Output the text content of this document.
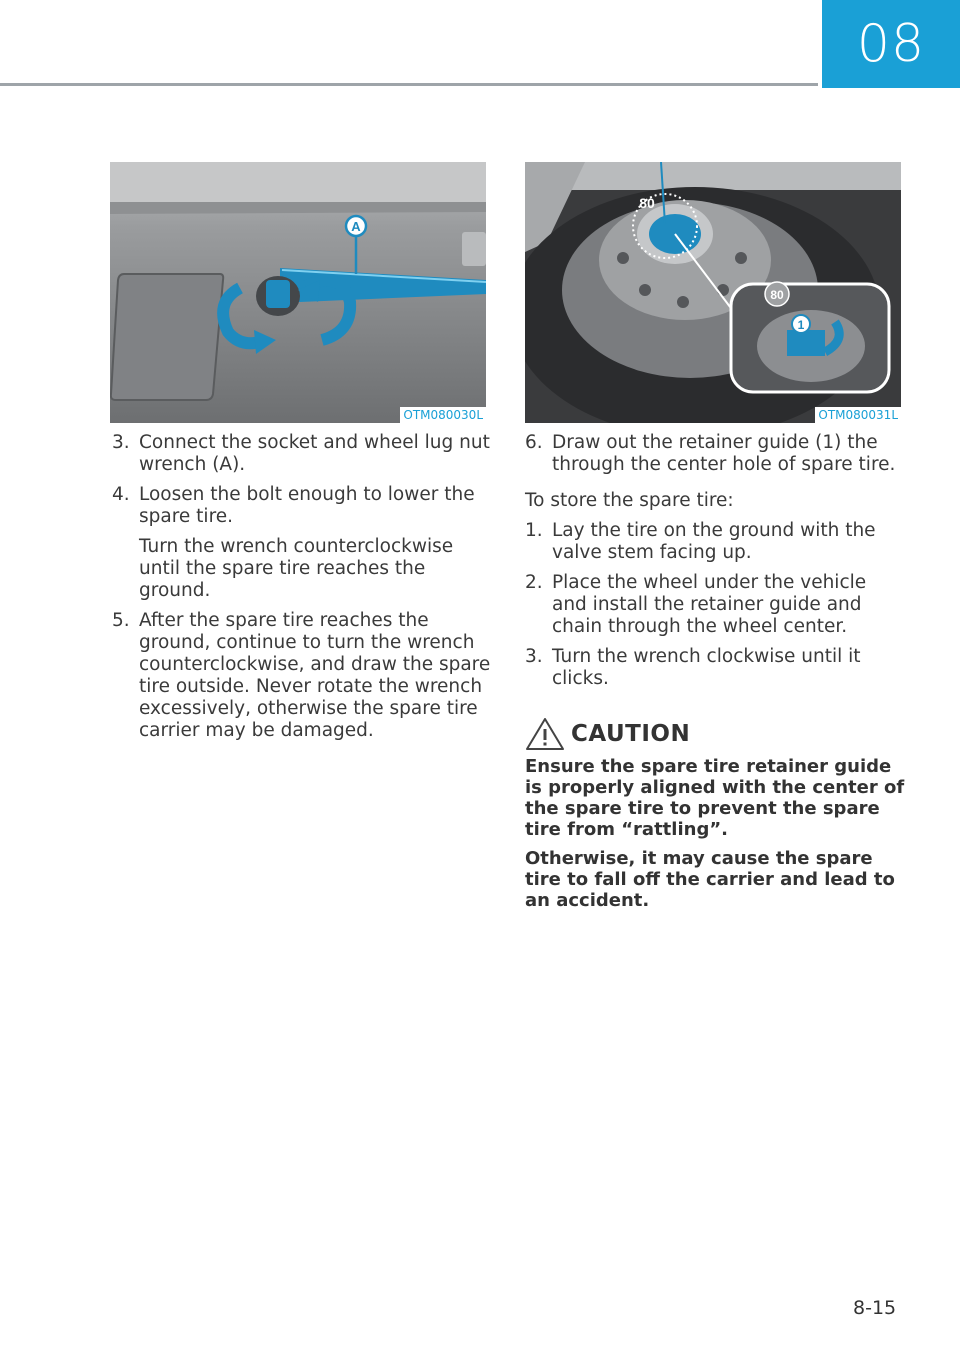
08
A
OTM080030L
80
80
1
OTM080031L
3. Connect the socket and wheel lug nut wrench (A).

4. Loosen the bolt enough to lower the spare tire.

Turn the wrench counterclockwise until the spare tire reaches the ground.

5. After the spare tire reaches the ground, continue to turn the wrench counterclockwise, and draw the spare tire outside. Never rotate the wrench excessively, otherwise the spare tire carrier may be damaged.

6. Draw out the retainer guide (1) the through the center hole of spare tire.

To store the spare tire:

1. Lay the tire on the ground with the valve stem facing up.

2. Place the wheel under the vehicle and install the retainer guide and chain through the wheel center.

3. Turn the wrench clockwise until it clicks.

CAUTION

Ensure the spare tire retainer guide is properly aligned with the center of the spare tire to prevent the spare tire from “rattling”.

Otherwise, it may cause the spare tire to fall off the carrier and lead to an accident.

8-15
